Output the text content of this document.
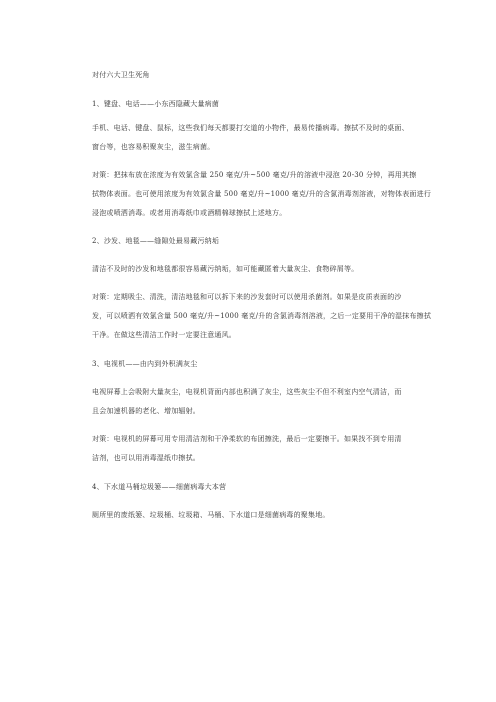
对付六大卫生死角
1、键盘、电话——小东西隐藏大量病菌
手机、电话、键盘、鼠标，这些我们每天都要打交道的小物件，最易传播病毒。擦拭不及时的桌面、
窗台等，也容易积聚灰尘，滋生病菌。
对策：把抹布放在浓度为有效氯含量 250 毫克/升~500 毫克/升的溶液中浸泡 20-30 分钟，再用其擦
拭物体表面。也可使用浓度为有效氯含量 500 毫克/升~1000 毫克/升的含氯消毒剂溶液，对物体表面进行
浸泡或喷洒消毒。或者用消毒纸巾或酒精棉球擦拭上述地方。
2、沙发、地毯——缝隙处最易藏污纳垢
清洁不及时的沙发和地毯都很容易藏污纳垢，如可能藏匿着大量灰尘、食物碎屑等。
对策：定期吸尘、清洗，清洁地毯和可以拆下来的沙发套时可以使用杀菌剂。如果是皮质表面的沙
发，可以喷洒有效氯含量 500 毫克/升~1000 毫克/升的含氯消毒剂溶液，之后一定要用干净的湿抹布擦拭
干净。在做这些清洁工作时一定要注意通风。
3、电视机——由内到外积满灰尘
电视屏幕上会吸附大量灰尘，电视机背面内部也积满了灰尘，这些灰尘不但不利室内空气清洁，而
且会加速机器的老化、增加辐射。
对策：电视机的屏幕可用专用清洁剂和干净柔软的布团擦洗，最后一定要擦干。如果找不到专用清
洁剂，也可以用消毒湿纸巾擦拭。
4、下水道马桶垃圾篓——细菌病毒大本营
厕所里的废纸篓、垃圾桶、垃圾箱、马桶、下水道口是细菌病毒的聚集地。
